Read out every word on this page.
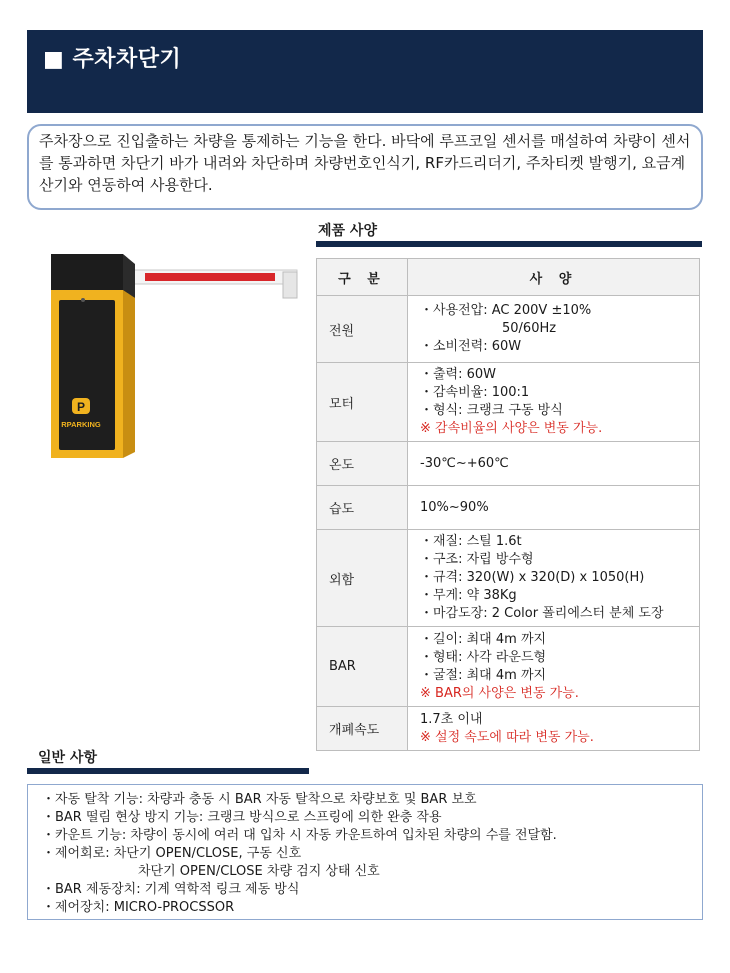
■ 주차차단기
주차장으로 진입출하는 차량을 통제하는 기능을 한다. 바닥에 루프코일 센서를 매설하여 차량이 센서를 통과하면 차단기 바가 내려와 차단하며 차량번호인식기, RF카드리더기, 주차티켓 발행기, 요금계산기와 연동하여 사용한다.
P
RPARKING
제품 사양
구 분	사 양
전원	・사용전압: AC 200V ±10%
50/60Hz
・소비전력: 60W

모터	・출력: 60W
・감속비율: 100:1
・형식: 크랭크 구동 방식
※ 감속비율의 사양은 변동 가능.

온도	-30℃~+60℃

습도	10%~90%

외함	・재질: 스틸 1.6t
・구조: 자립 방수형
・규격: 320(W) x 320(D) x 1050(H)
・무게: 약 38Kg
・마감도장: 2 Color 폴리에스터 분체 도장

BAR	・길이: 최대 4m 까지
・형태: 사각 라운드형
・굴절: 최대 4m 까지
※ BAR의 사양은 변동 가능.

개폐속도	1.7초 이내
※ 설정 속도에 따라 변동 가능.
일반 사항
・자동 탈착 기능: 차량과 충동 시 BAR 자동 탈착으로 차량보호 및 BAR 보호
・BAR 떨림 현상 방지 기능: 크랭크 방식으로 스프링에 의한 완충 작용
・카운트 기능: 차량이 동시에 여러 대 입차 시 자동 카운트하여 입차된 차량의 수를 전달함.
・제어회로: 차단기 OPEN/CLOSE, 구동 신호
차단기 OPEN/CLOSE 차량 검지 상태 신호
・BAR 제동장치: 기계 역학적 링크 제동 방식
・제어장치: MICRO-PROCSSOR
